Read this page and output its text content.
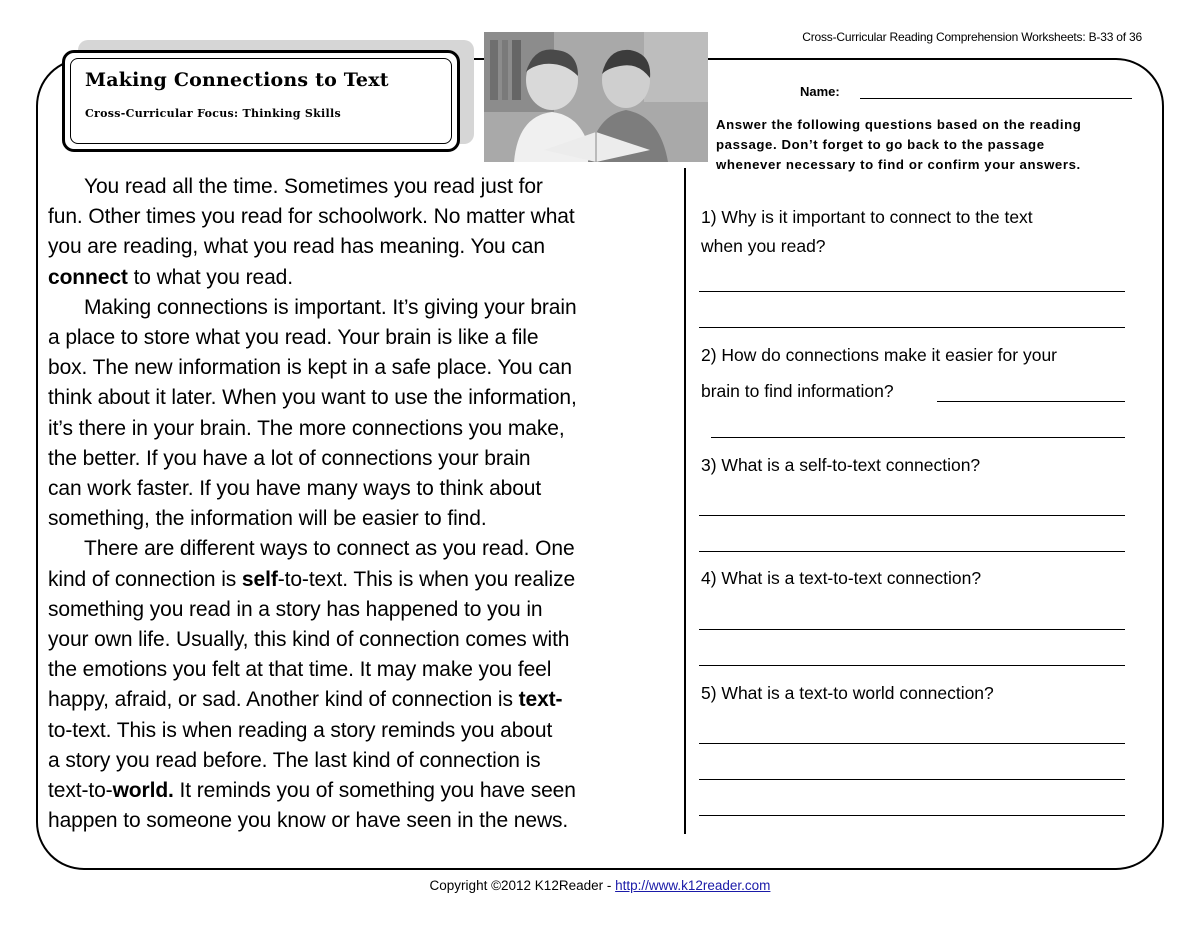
Cross-Curricular Reading Comprehension Worksheets: B-33 of 36
Making Connections to Text
Cross-Curricular Focus: Thinking Skills
You read all the time. Sometimes you read just for
fun. Other times you read for schoolwork. No matter what
you are reading, what you read has meaning. You can
connect to what you read.
Making connections is important. It’s giving your brain
a place to store what you read. Your brain is like a file
box. The new information is kept in a safe place. You can
think about it later. When you want to use the information,
it’s there in your brain. The more connections you make,
the better. If you have a lot of connections your brain
can work faster. If you have many ways to think about
something, the information will be easier to find.
There are different ways to connect as you read. One
kind of connection is self-to-text. This is when you realize
something you read in a story has happened to you in
your own life. Usually, this kind of connection comes with
the emotions you felt at that time. It may make you feel
happy, afraid, or sad. Another kind of connection is text-
to-text. This is when reading a story reminds you about
a story you read before. The last kind of connection is
text-to-world. It reminds you of something you have seen
happen to someone you know or have seen in the news.
Name:
Answer the following questions based on the reading
passage. Don’t forget to go back to the passage
whenever necessary to find or confirm your answers.
1) Why is it important to connect to the text
when you read?
2) How do connections make it easier for your
brain to find information?
3) What is a self-to-text connection?
4) What is a text-to-text connection?
5) What is a text-to world connection?
Copyright ©2012 K12Reader - http://www.k12reader.com
